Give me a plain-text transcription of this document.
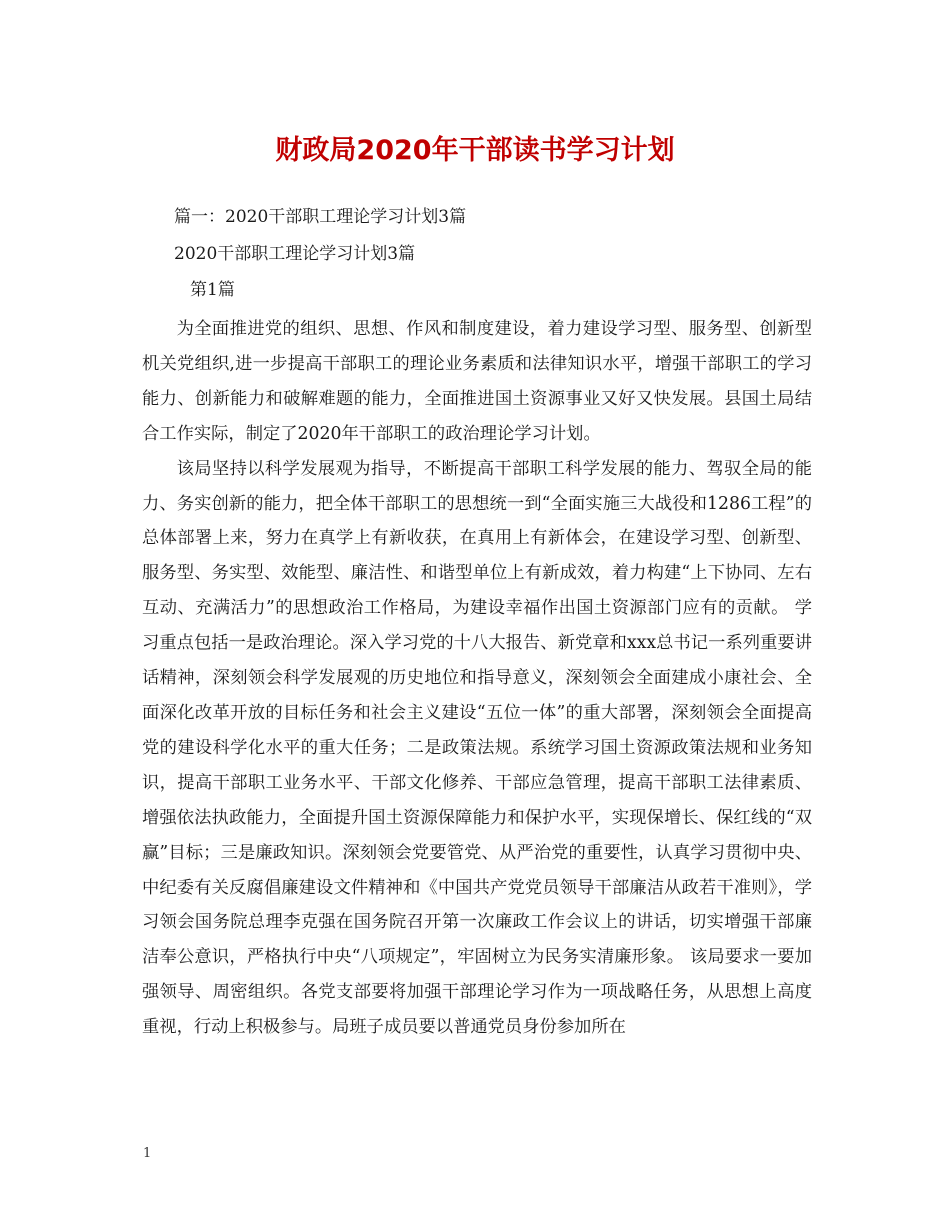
财政局2020年干部读书学习计划
篇一：2020干部职工理论学习计划3篇
2020干部职工理论学习计划3篇
第1篇

为全面推进党的组织、思想、作风和制度建设，着力建设学习型、服务型、创新型机关党组织,进一步提高干部职工的理论业务素质和法律知识水平，增强干部职工的学习能力、创新能力和破解难题的能力，全面推进国土资源事业又好又快发展。县国土局结合工作实际，制定了2020年干部职工的政治理论学习计划。

该局坚持以科学发展观为指导，不断提高干部职工科学发展的能力、驾驭全局的能力、务实创新的能力，把全体干部职工的思想统一到“全面实施三大战役和1286工程”的总体部署上来，努力在真学上有新收获，在真用上有新体会，在建设学习型、创新型、服务型、务实型、效能型、廉洁性、和谐型单位上有新成效，着力构建“上下协同、左右互动、充满活力”的思想政治工作格局，为建设幸福作出国土资源部门应有的贡献。 学习重点包括一是政治理论。深入学习党的十八大报告、新党章和xxx总书记一系列重要讲话精神，深刻领会科学发展观的历史地位和指导意义，深刻领会全面建成小康社会、全面深化改革开放的目标任务和社会主义建设“五位一体”的重大部署，深刻领会全面提高党的建设科学化水平的重大任务；二是政策法规。系统学习国土资源政策法规和业务知识，提高干部职工业务水平、干部文化修养、干部应急管理，提高干部职工法律素质、增强依法执政能力，全面提升国土资源保障能力和保护水平，实现保增长、保红线的“双赢”目标；三是廉政知识。深刻领会党要管党、从严治党的重要性，认真学习贯彻中央、中纪委有关反腐倡廉建设文件精神和《中国共产党党员领导干部廉洁从政若干准则》，学习领会国务院总理李克强在国务院召开第一次廉政工作会议上的讲话，切实增强干部廉洁奉公意识，严格执行中央“八项规定”，牢固树立为民务实清廉形象。 该局要求一要加强领导、周密组织。各党支部要将加强干部理论学习作为一项战略任务，从思想上高度重视，行动上积极参与。局班子成员要以普通党员身份参加所在

1
